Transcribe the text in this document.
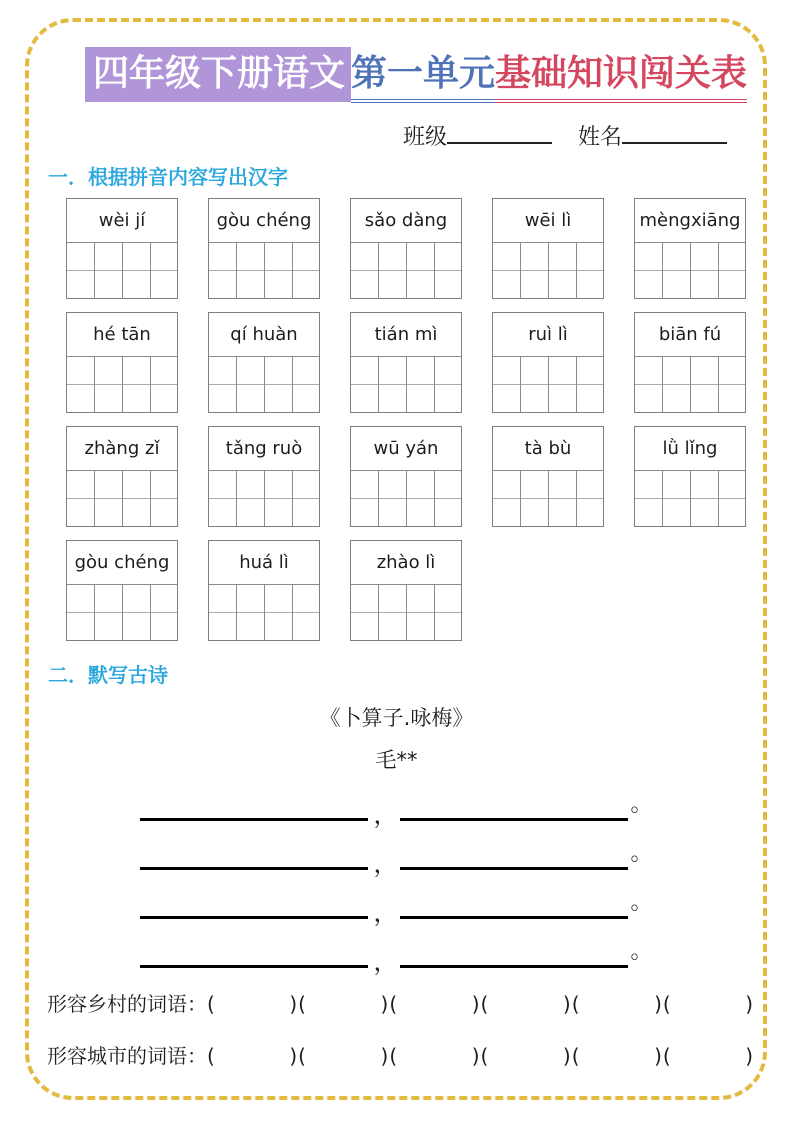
四年级下册语文 第一单元基础知识闯关表
班级	姓名
一．根据拼音内容写出汉字
wèi jí	gòu chéng	sǎo dàng	wēi lì	mèngxiāng
hé tān	qí huàn	tián mì	ruì lì	biān fú
zhàng zǐ	tǎng ruò	wū yán	tà bù	lǜ lǐng
gòu chéng	huá lì	zhào lì
二．默写古诗
《卜算子.咏梅》
毛**
，	。
，	。
，	。
，	。
形容乡村的词语：(          )(          )(          )(          )(          )(          )
形容城市的词语：(          )(          )(          )(          )(          )(          )
